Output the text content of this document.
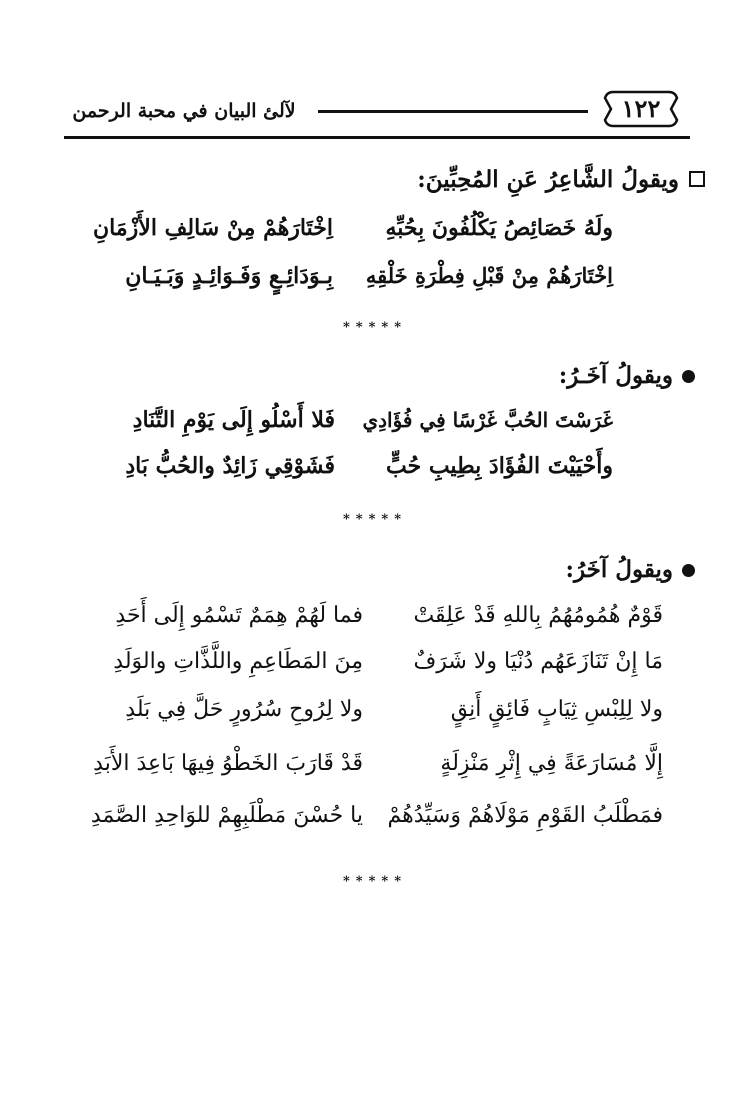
١٢٢
لآلئ البيان في محبة الرحمن
ويقولُ الشَّاعِرُ عَنِ المُحِبِّينَ:
ولَهُ خَصَائِصُ يَكْلُفُونَ بِحُبِّهِ
اِخْتَارَهُمْ مِنْ سَالِفِ الأَزْمَانِ
اِخْتَارَهُمْ مِنْ قَبْلِ فِطْرَةِ خَلْقِهِ
بِـوَدَائِـعٍ وَفَـوَائِـدٍ وَبَـيَـانِ
*****
ويقولُ آخَـرُ:
غَرَسْتَ الحُبَّ غَرْسًا فِي فُؤَادِي
فَلا أَسْلُو إِلَى يَوْمِ التَّنَادِ
وأَحْيَيْتَ الفُؤَادَ بِطِيبِ حُبٍّ
فَشَوْقِي زَائِدٌ والحُبُّ بَادِ
*****
ويقولُ آخَرُ:
قَوْمٌ هُمُومُهُمُ بِاللهِ قَدْ عَلِقَتْ
فما لَهُمْ هِمَمٌ تَسْمُو إِلَى أَحَدِ
مَا إِنْ تَنَازَعَهُم دُنْيَا ولا شَرَفٌ
مِنَ المَطَاعِمِ واللَّذَّاتِ والوَلَدِ
ولا لِلِبْسِ ثِيَابٍ فَائِقٍ أَنِقٍ
ولا لِرُوحِ سُرُورٍ حَلَّ فِي بَلَدِ
إِلَّا مُسَارَعَةً فِي إِثْرِ مَنْزِلَةٍ
قَدْ قَارَبَ الخَطْوُ فِيهَا بَاعِدَ الأَبَدِ
فمَطْلَبُ القَوْمِ مَوْلَاهُمْ وَسَيِّدُهُمْ
يا حُسْنَ مَطْلَبِهِمْ للوَاحِدِ الصَّمَدِ
*****
